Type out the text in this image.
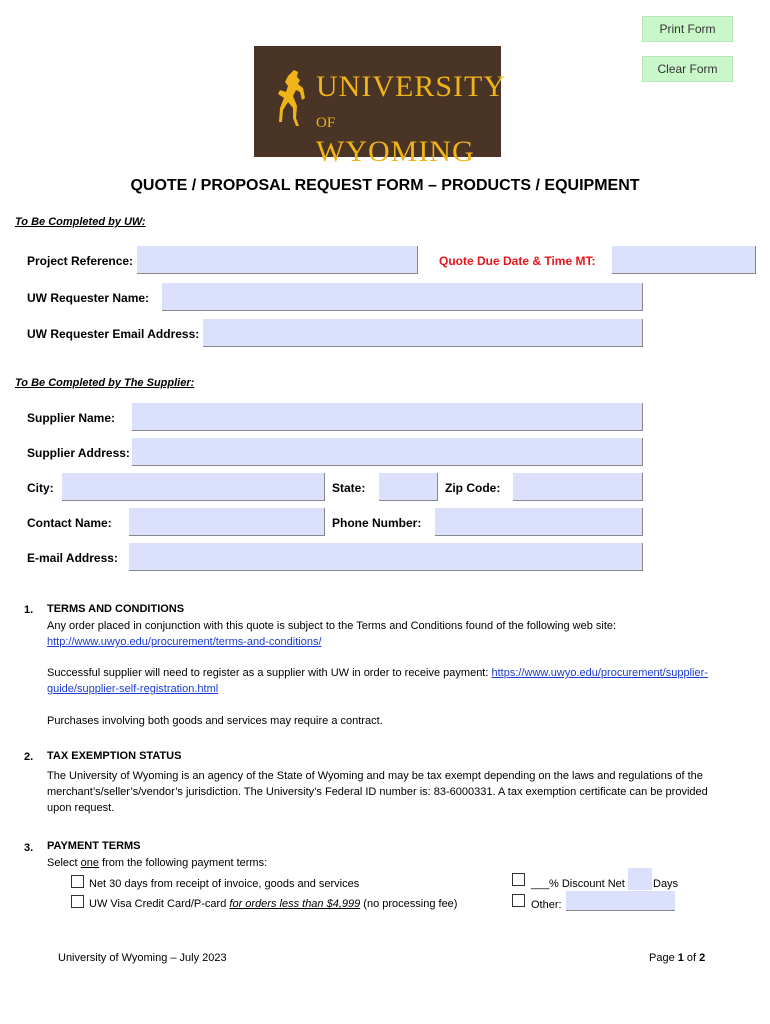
Print Form
Clear Form
UNIVERSITY
OF WYOMING
QUOTE / PROPOSAL REQUEST FORM – PRODUCTS / EQUIPMENT
To Be Completed by UW:
Project Reference:	Quote Due Date & Time MT:
UW Requester Name:
UW Requester Email Address:
To Be Completed by The Supplier:
Supplier Name:
Supplier Address:
City:	State:	Zip Code:
Contact Name:	Phone Number:
E-mail Address:
1. TERMS AND CONDITIONS
Any order placed in conjunction with this quote is subject to the Terms and Conditions found of the following web site:
http://www.uwyo.edu/procurement/terms-and-conditions/
Successful supplier will need to register as a supplier with UW in order to receive payment: https://www.uwyo.edu/procurement/supplier-
guide/supplier-self-registration.html
Purchases involving both goods and services may require a contract.
2. TAX EXEMPTION STATUS
The University of Wyoming is an agency of the State of Wyoming and may be tax exempt depending on the laws and regulations of the
merchant’s/seller’s/vendor’s jurisdiction. The University’s Federal ID number is: 83-6000331. A tax exemption certificate can be provided
upon request.
3. PAYMENT TERMS
Select one from the following payment terms:
Net 30 days from receipt of invoice, goods and services
UW Visa Credit Card/P-card for orders less than $4,999 (no processing fee)
___ % Discount Net	Days
Other:
University of Wyoming – July 2023	Page 1 of 2
